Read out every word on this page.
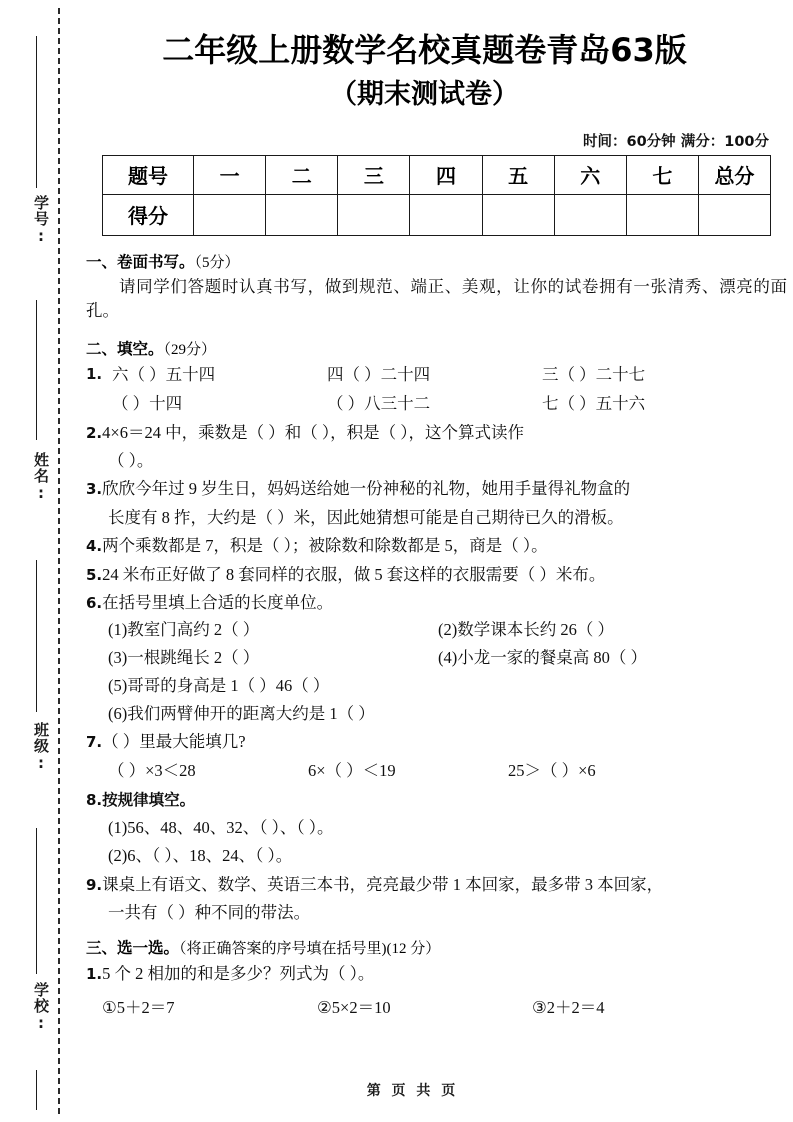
学号:
姓名:
班级:
学校:
二年级上册数学名校真题卷青岛63版
（期末测试卷）
时间：60分钟 满分：100分
题号	一	二	三	四	五	六	七	总分
得分								
一、卷面书写。（5分）
请同学们答题时认真书写，做到规范、端正、美观，让你的试卷拥有一张清秀、漂亮的面孔。
二、填空。（29分）
1. 六（ ）五十四	四（ ）二十四	三（ ）二十七
（ ）十四	（ ）八三十二	七（ ）五十六
2.4×6＝24 中，乘数是（ ）和（ ），积是（ ），这个算式读作
（ ）。
3.欣欣今年过 9 岁生日，妈妈送给她一份神秘的礼物，她用手量得礼物盒的
长度有 8 拃，大约是（ ）米，因此她猜想可能是自己期待已久的滑板。
4.两个乘数都是 7，积是（ ）；被除数和除数都是 5，商是（ ）。
5.24 米布正好做了 8 套同样的衣服，做 5 套这样的衣服需要（ ）米布。
6.在括号里填上合适的长度单位。
(1)教室门高约 2（ ）	(2)数学课本长约 26（ ）
(3)一根跳绳长 2（ ）	(4)小龙一家的餐桌高 80（ ）
(5)哥哥的身高是 1（ ）46（ ）
(6)我们两臂伸开的距离大约是 1（ ）
7.（ ）里最大能填几?
（ ）×3＜28	6×（ ）＜19	25＞（ ）×6
8.按规律填空。
(1)56、48、40、32、（ ）、（ ）。
(2)6、（ ）、18、24、（ ）。
9.课桌上有语文、数学、英语三本书，亮亮最少带 1 本回家，最多带 3 本回家，
一共有（ ）种不同的带法。
三、选一选。（将正确答案的序号填在括号里)(12 分）
1.5 个 2 相加的和是多少？列式为（ ）。
①5＋2＝7	②5×2＝10	③2＋2＝4
第 页 共 页
